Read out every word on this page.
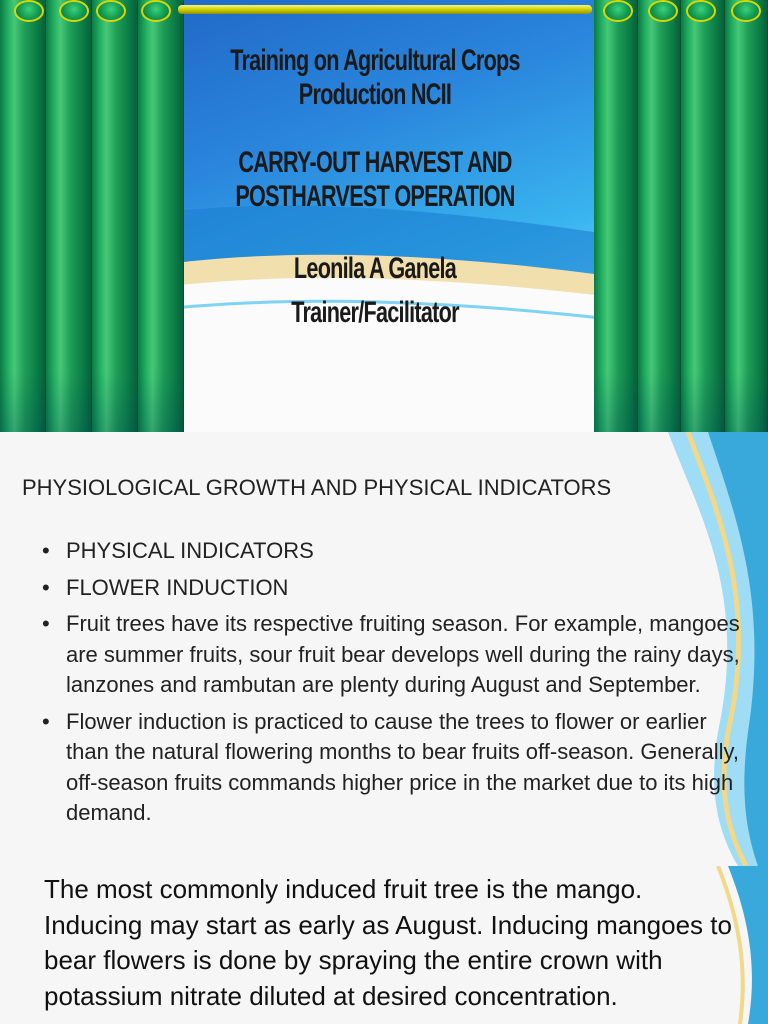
Training on Agricultural Crops Production NCII
CARRY-OUT HARVEST AND POSTHARVEST OPERATION
Leonila A Ganela
Trainer/Facilitator
PHYSIOLOGICAL GROWTH AND PHYSICAL INDICATORS
• PHYSICAL INDICATORS
• FLOWER INDUCTION
• Fruit trees have its respective fruiting season. For example, mangoes are summer fruits, sour fruit bear develops well during the rainy days, lanzones and rambutan are plenty during August and September.
• Flower induction is practiced to cause the trees to flower or earlier than the natural flowering months to bear fruits off-season. Generally, off-season fruits commands higher price in the market due to its high demand.
The most commonly induced fruit tree is the mango. Inducing may start as early as August. Inducing mangoes to bear flowers is done by spraying the entire crown with potassium nitrate diluted at desired concentration.
